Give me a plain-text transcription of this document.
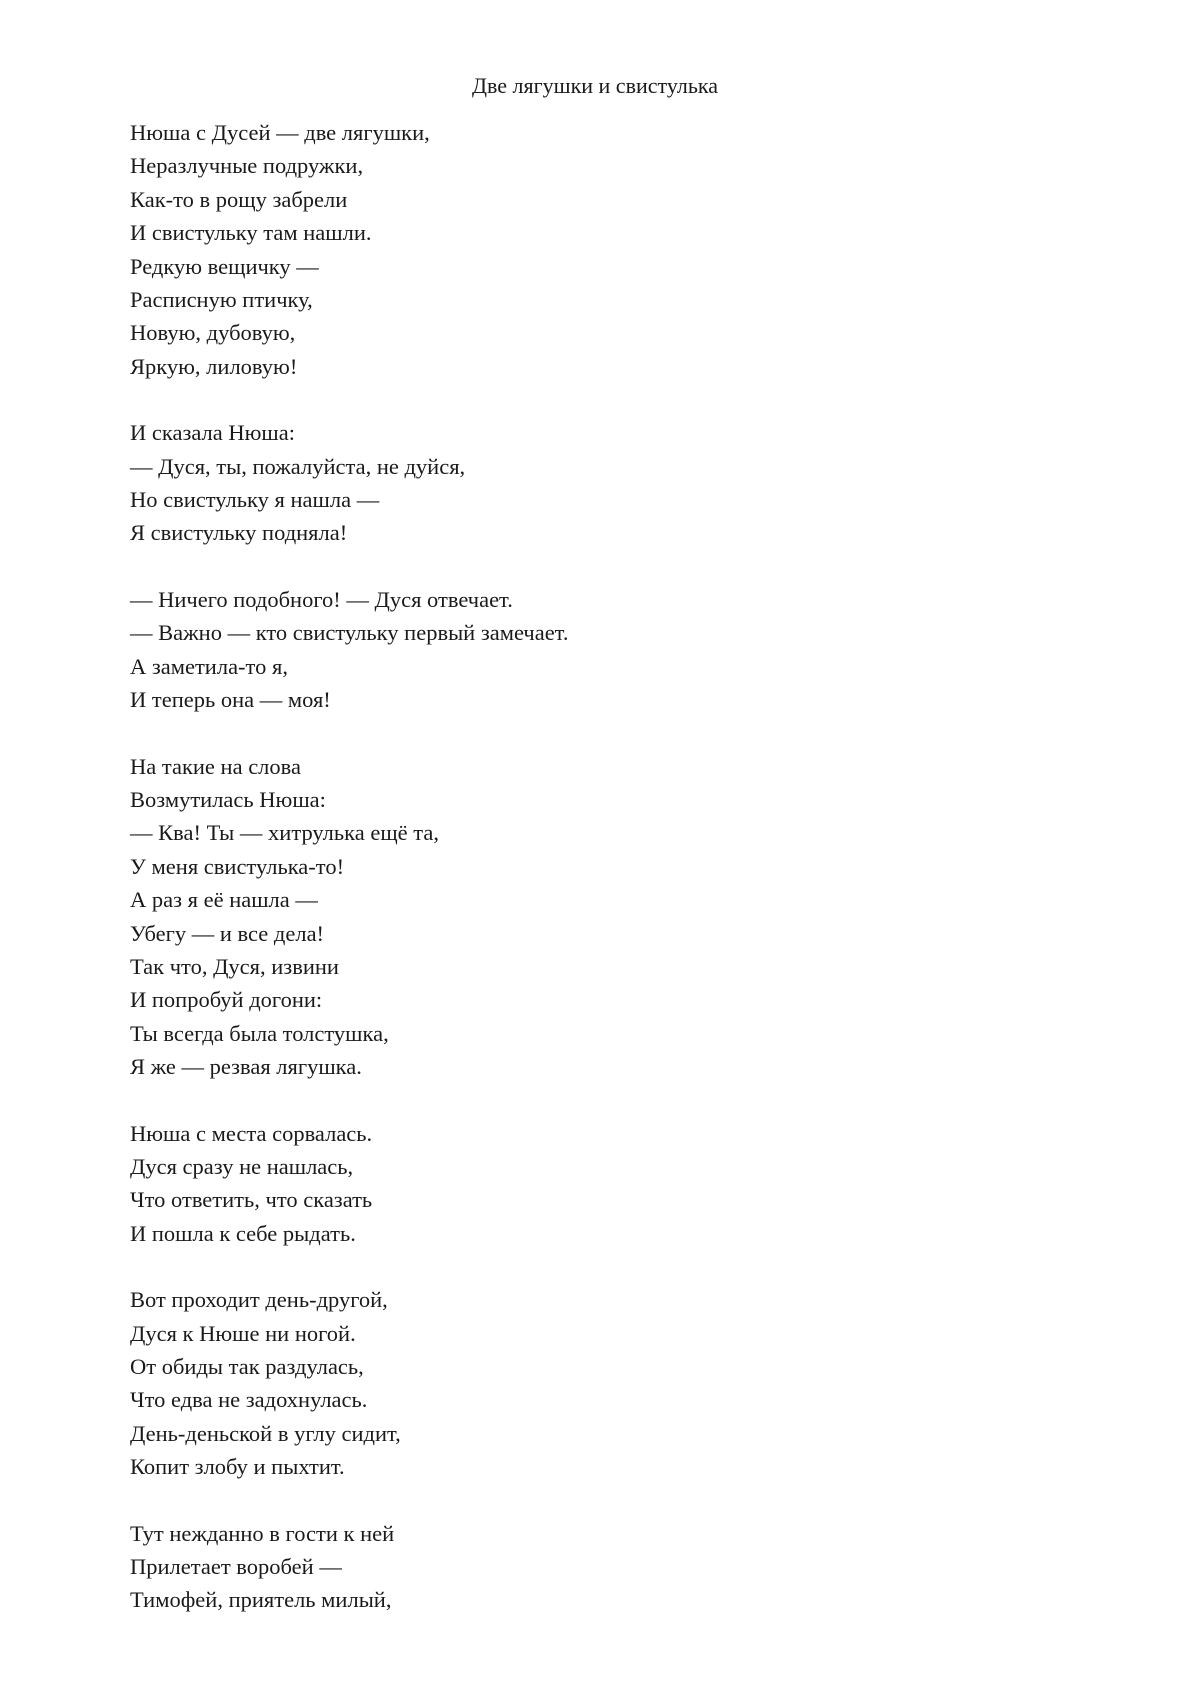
Две лягушки и свистулька
Нюша с Дусей — две лягушки,
Неразлучные подружки,
Как-то в рощу забрели
И свистульку там нашли.
Редкую вещичку —
Расписную птичку,
Новую, дубовую,
Яркую, лиловую!
И сказала Нюша:
— Дуся, ты, пожалуйста, не дуйся,
Но свистульку я нашла —
Я свистульку подняла!
— Ничего подобного! — Дуся отвечает.
— Важно — кто свистульку первый замечает.
А заметила-то я,
И теперь она — моя!
На такие на слова
Возмутилась Нюша:
— Ква! Ты — хитрулька ещё та,
У меня свистулька-то!
А раз я её нашла —
Убегу — и все дела!
Так что, Дуся, извини
И попробуй догони:
Ты всегда была толстушка,
Я же — резвая лягушка.
Нюша с места сорвалась.
Дуся сразу не нашлась,
Что ответить, что сказать
И пошла к себе рыдать.
Вот проходит день-другой,
Дуся к Нюше ни ногой.
От обиды так раздулась,
Что едва не задохнулась.
День-деньской в углу сидит,
Копит злобу и пыхтит.
Тут нежданно в гости к ней
Прилетает воробей —
Тимофей, приятель милый,
